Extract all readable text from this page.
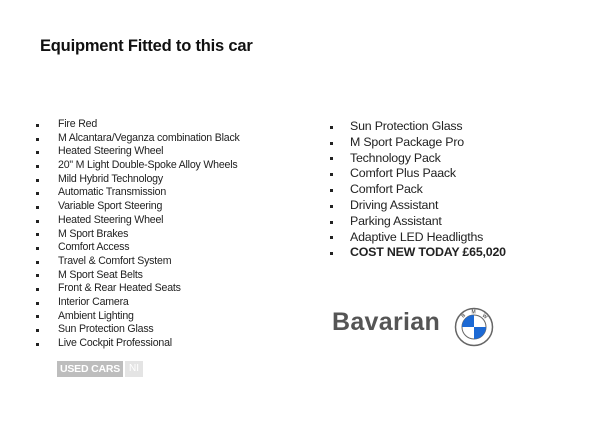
Equipment Fitted to this car
Fire Red
M Alcantara/Veganza combination Black
Heated Steering Wheel
20" M Light Double-Spoke Alloy Wheels
Mild Hybrid Technology
Automatic Transmission
Variable Sport Steering
Heated Steering Wheel
M Sport Brakes
Comfort Access
Travel & Comfort System
M Sport Seat Belts
Front & Rear Heated Seats
Interior Camera
Ambient Lighting
Sun Protection Glass
Live Cockpit Professional
Sun Protection Glass
M Sport Package Pro
Technology Pack
Comfort Plus Paack
Comfort Pack
Driving Assistant
Parking Assistant
Adaptive LED Headligths
COST NEW TODAY £65,020
USED CARS NI
Bavarian	B
M
W
